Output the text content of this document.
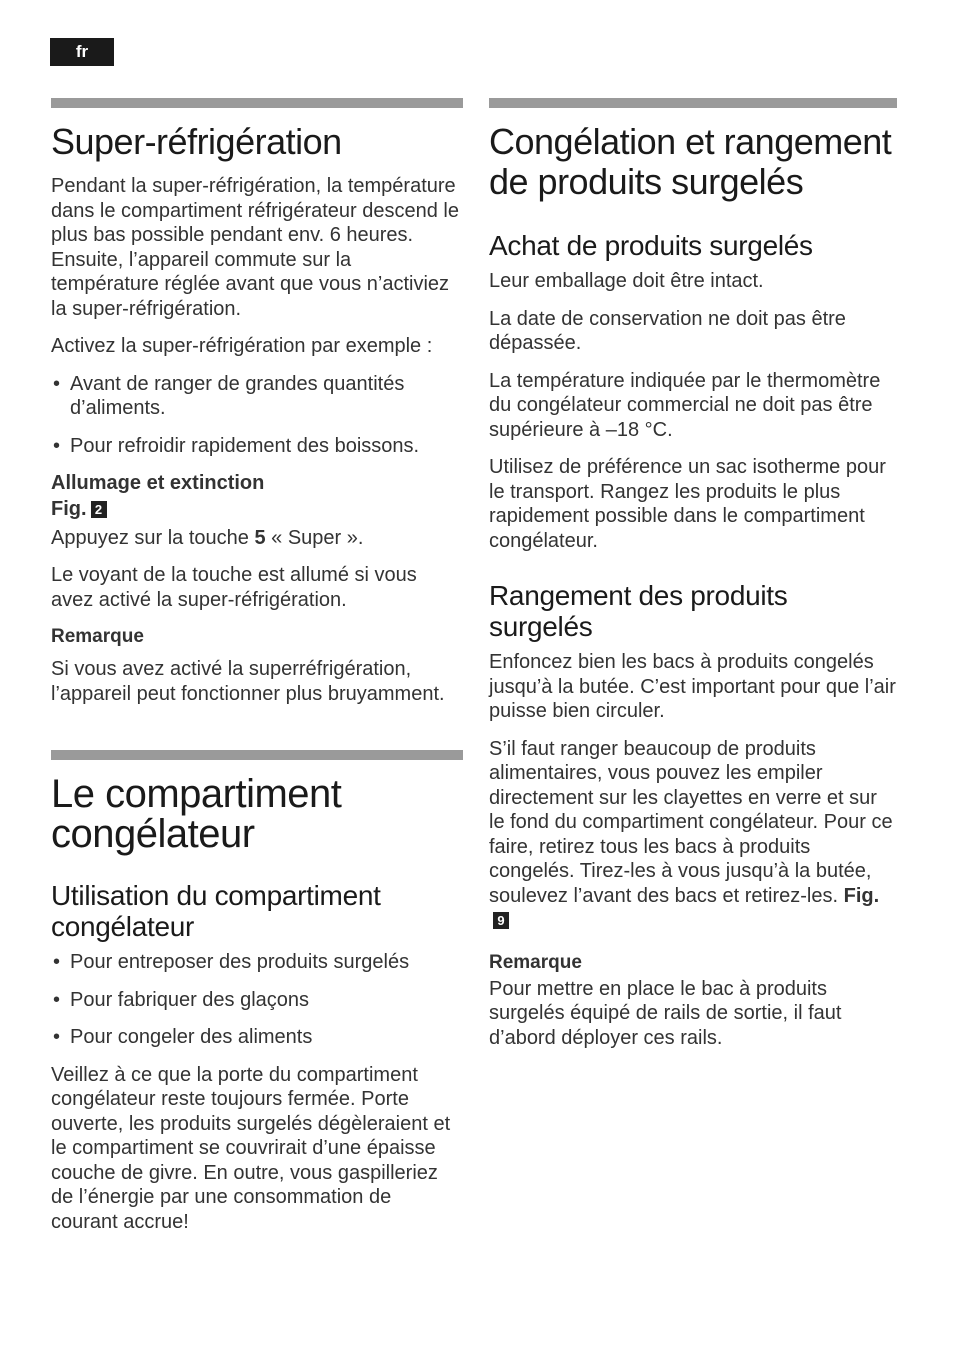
fr
Super-réfrigération

Pendant la super-réfrigération, la température dans le compartiment réfrigérateur descend le plus bas possible pendant env. 6 heures. Ensuite, l’appareil commute sur la température réglée avant que vous n’activiez la super-réfrigération.

Activez la super-réfrigération par exemple :

• Avant de ranger de grandes quantités d’aliments.
• Pour refroidir rapidement des boissons.
Allumage et extinction

Fig. 2

Appuyez sur la touche 5 « Super ».

Le voyant de la touche est allumé si vous avez activé la super-réfrigération.

Remarque

Si vous avez activé la superréfrigération, l’appareil peut fonctionner plus bruyamment.

Le compartiment congélateur
Utilisation du compartiment congélateur
• Pour entreposer des produits surgelés
• Pour fabriquer des glaçons
• Pour congeler des aliments

Veillez à ce que la porte du compartiment congélateur reste toujours fermée. Porte ouverte, les produits surgelés dégèleraient et le compartiment se couvrirait d’une épaisse couche de givre. En outre, vous gaspilleriez de l’énergie par une consommation de courant accrue!

Congélation et rangement de produits surgelés
Achat de produits surgelés

Leur emballage doit être intact.

La date de conservation ne doit pas être dépassée.

La température indiquée par le thermomètre du congélateur commercial ne doit pas être supérieure à –18 °C.

Utilisez de préférence un sac isotherme pour le transport. Rangez les produits le plus rapidement possible dans le compartiment congélateur.

Rangement des produits surgelés

Enfoncez bien les bacs à produits congelés jusqu’à la butée. C’est important pour que l’air puisse bien circuler.

S’il faut ranger beaucoup de produits alimentaires, vous pouvez les empiler directement sur les clayettes en verre et sur le fond du compartiment congélateur. Pour ce faire, retirez tous les bacs à produits congelés. Tirez-les à vous jusqu’à la butée, soulevez l’avant des bacs et retirez-les. Fig.9

Remarque

Pour mettre en place le bac à produits surgelés équipé de rails de sortie, il faut d’abord déployer ces rails.
